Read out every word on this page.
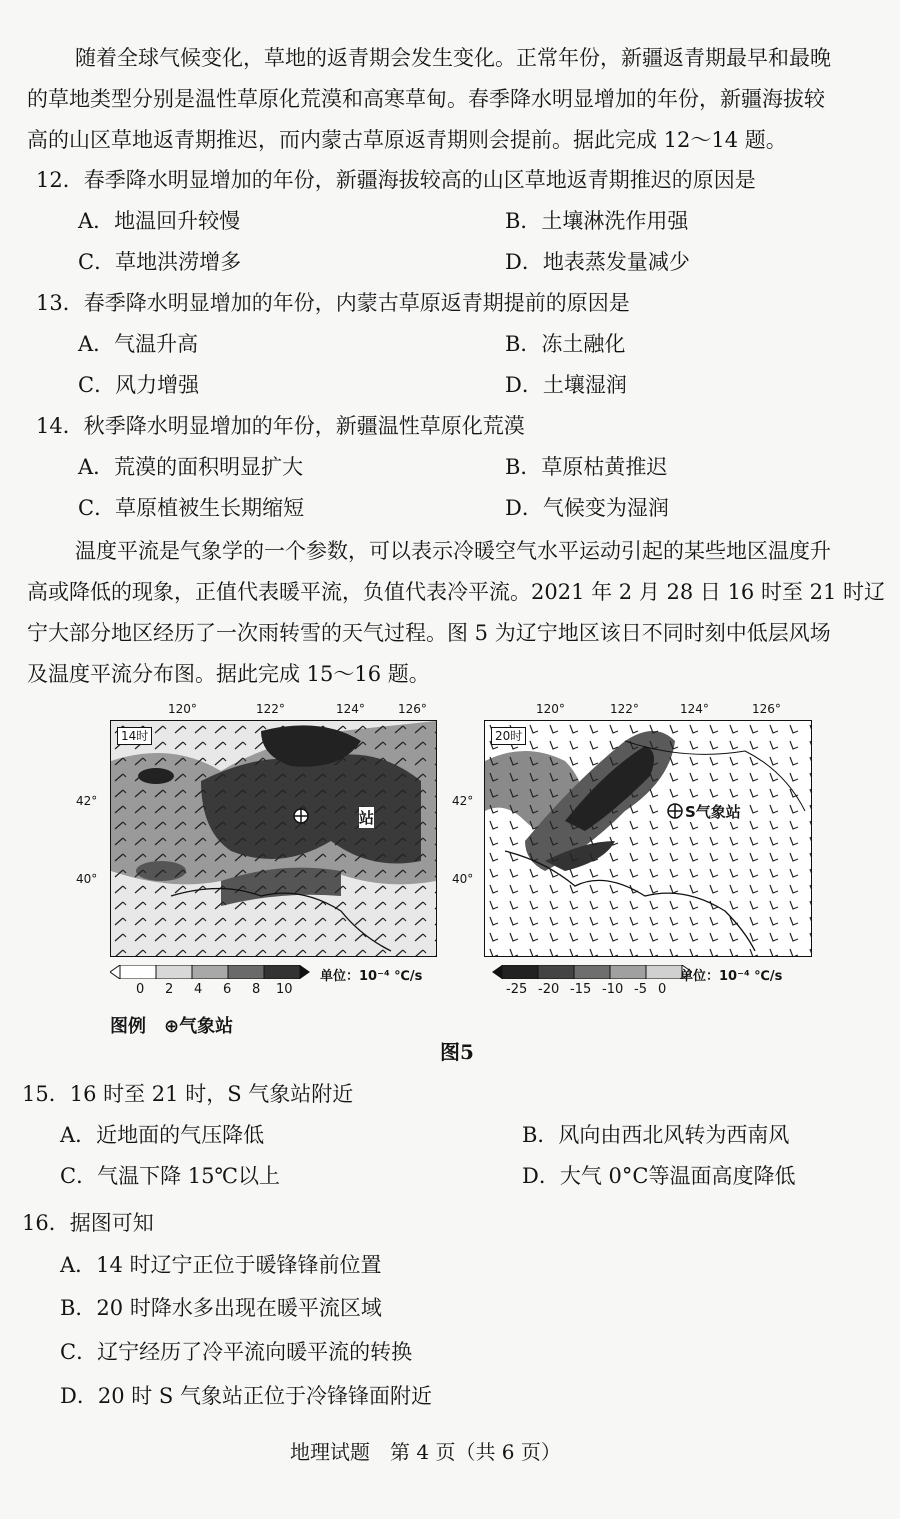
随着全球气候变化，草地的返青期会发生变化。正常年份，新疆返青期最早和最晚
的草地类型分别是温性草原化荒漠和高寒草甸。春季降水明显增加的年份，新疆海拔较
高的山区草地返青期推迟，而内蒙古草原返青期则会提前。据此完成 12～14 题。
12．春季降水明显增加的年份，新疆海拔较高的山区草地返青期推迟的原因是
A．地温回升较慢	B．土壤淋洗作用强
C．草地洪涝增多	D．地表蒸发量减少
13．春季降水明显增加的年份，内蒙古草原返青期提前的原因是
A．气温升高	B．冻土融化
C．风力增强	D．土壤湿润
14．秋季降水明显增加的年份，新疆温性草原化荒漠
A．荒漠的面积明显扩大	B．草原枯黄推迟
C．草原植被生长期缩短	D．气候变为湿润
温度平流是气象学的一个参数，可以表示冷暖空气水平运动引起的某些地区温度升
高或降低的现象，正值代表暖平流，负值代表冷平流。2021 年 2 月 28 日 16 时至 21 时辽
宁大部分地区经历了一次雨转雪的天气过程。图 5 为辽宁地区该日不同时刻中低层风场
及温度平流分布图。据此完成 15～16 题。
120°	122°	124°	126°
42°
40°
14时
站
0 2 4 6 8 10
单位：10⁻⁴ ℃/s
120°	122°	124°	126°
42°
40°
20时
S气象站
-25 -20 -15 -10 -5 0
单位：10⁻⁴ ℃/s
图例　⊕气象站
图5
15．16 时至 21 时，S 气象站附近
A．近地面的气压降低	B．风向由西北风转为西南风
C．气温下降 15℃以上	D．大气 0°C等温面高度降低
16．据图可知
A．14 时辽宁正位于暖锋锋前位置
B．20 时降水多出现在暖平流区域
C．辽宁经历了冷平流向暖平流的转换
D．20 时 S 气象站正位于冷锋锋面附近
地理试题　第 4 页（共 6 页）
